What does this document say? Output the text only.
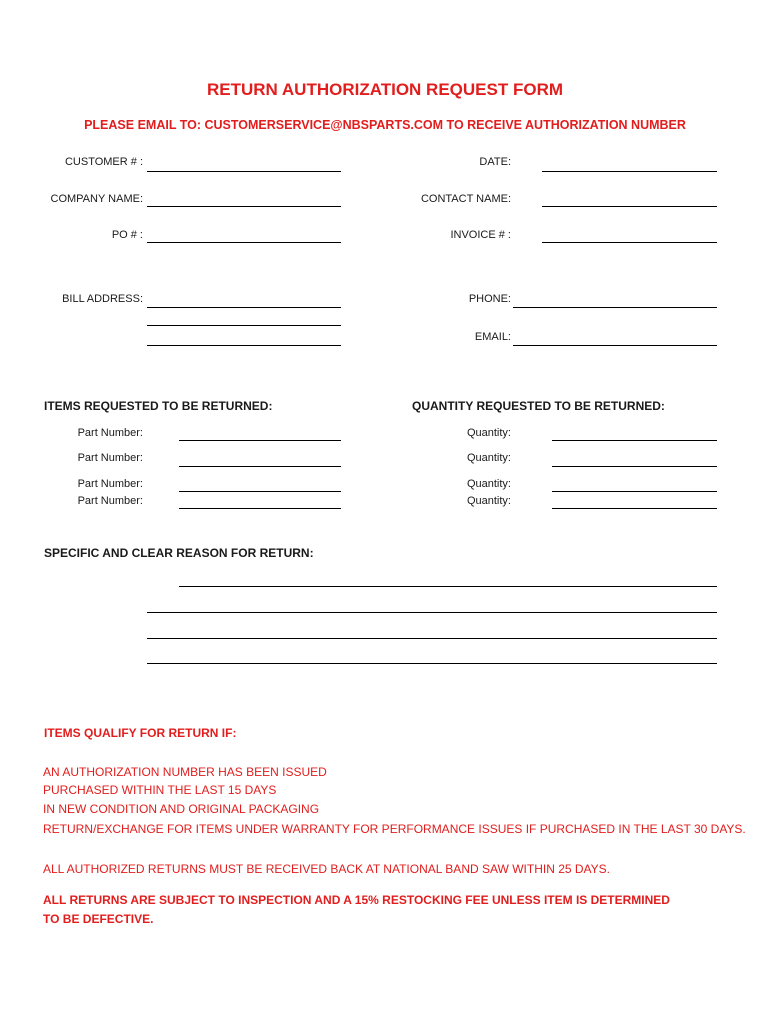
RETURN AUTHORIZATION REQUEST FORM
PLEASE EMAIL TO: CUSTOMERSERVICE@NBSPARTS.COM TO RECEIVE AUTHORIZATION NUMBER
CUSTOMER # :	DATE:
COMPANY NAME:	CONTACT NAME:
PO # :	INVOICE # :
BILL ADDRESS:	PHONE:
EMAIL:
ITEMS REQUESTED TO BE RETURNED:	QUANTITY REQUESTED TO BE RETURNED:
Part Number:	Quantity:
Part Number:	Quantity:
Part Number:	Quantity:
Part Number:	Quantity:
SPECIFIC AND CLEAR REASON FOR RETURN:
ITEMS QUALIFY FOR RETURN IF:
AN AUTHORIZATION NUMBER HAS BEEN ISSUED
PURCHASED WITHIN THE LAST 15 DAYS
IN NEW CONDITION AND ORIGINAL PACKAGING
RETURN/EXCHANGE FOR ITEMS UNDER WARRANTY FOR PERFORMANCE ISSUES IF PURCHASED IN THE LAST 30 DAYS.
ALL AUTHORIZED RETURNS MUST BE RECEIVED BACK AT NATIONAL BAND SAW WITHIN 25 DAYS.
ALL RETURNS ARE SUBJECT TO INSPECTION AND A 15% RESTOCKING FEE UNLESS ITEM IS DETERMINED TO BE DEFECTIVE.
